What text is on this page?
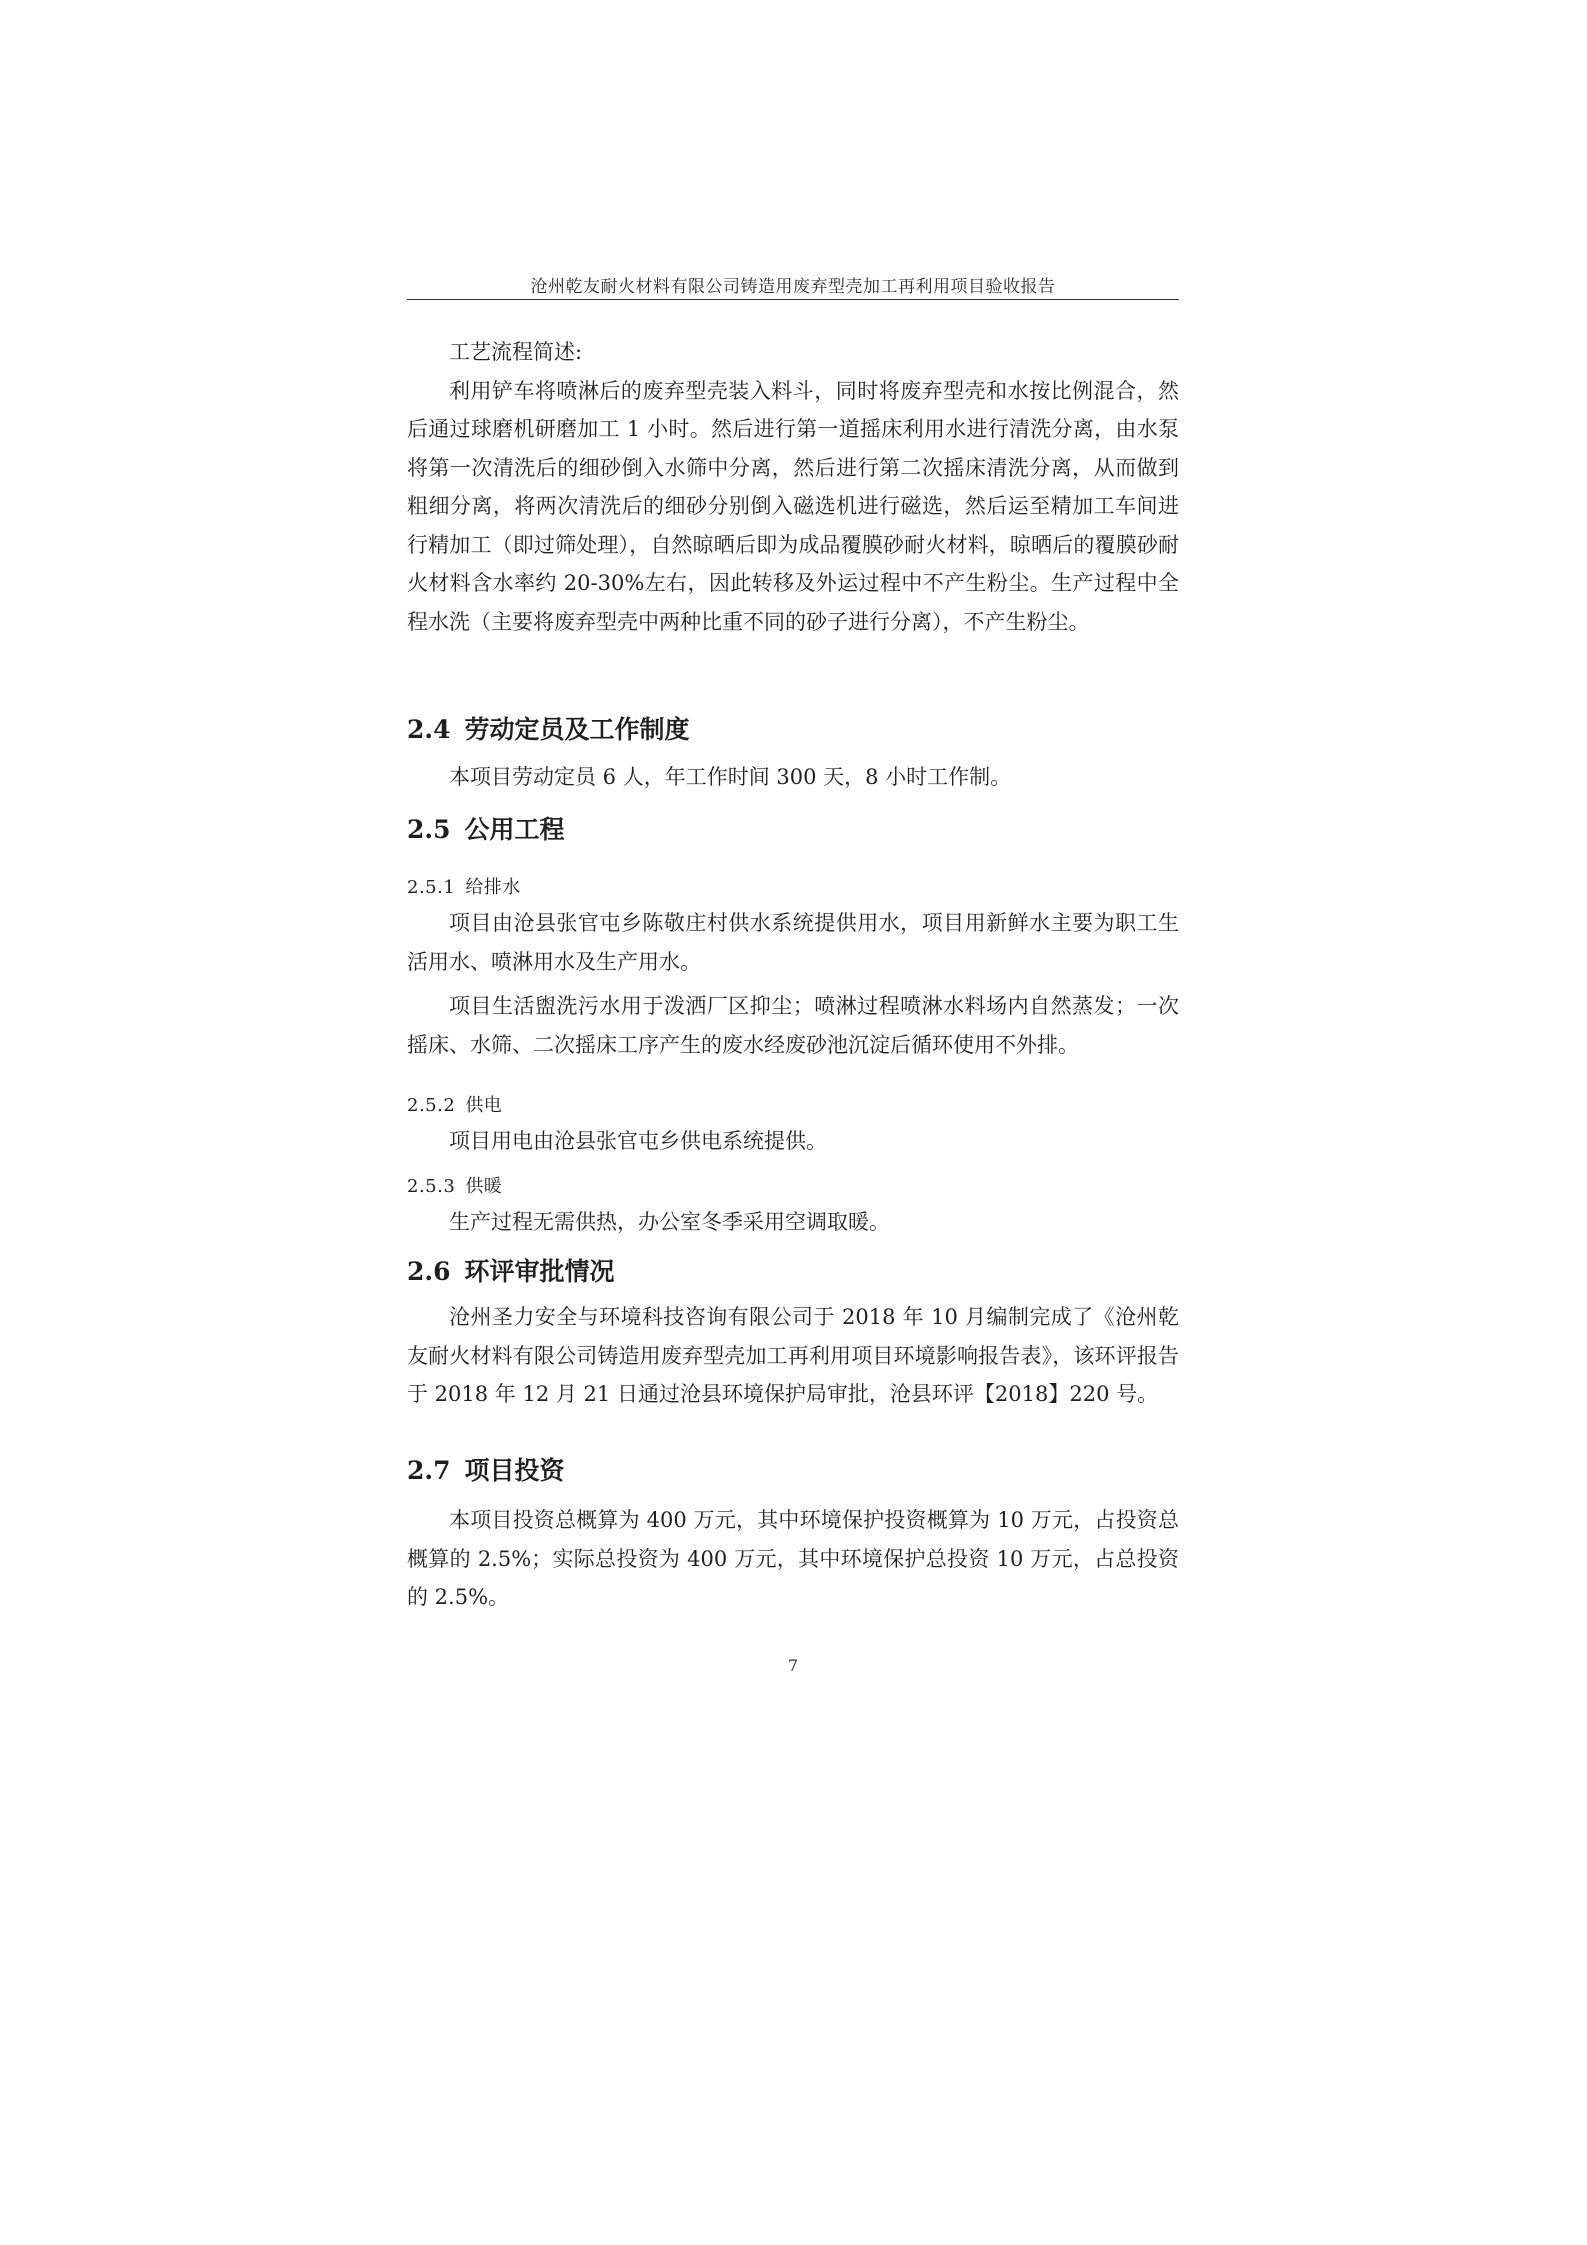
沧州乾友耐火材料有限公司铸造用废弃型壳加工再利用项目验收报告

工艺流程简述:

利用铲车将喷淋后的废弃型壳装入料斗，同时将废弃型壳和水按比例混合，然后通过球磨机研磨加工 1 小时。然后进行第一道摇床利用水进行清洗分离，由水泵将第一次清洗后的细砂倒入水筛中分离，然后进行第二次摇床清洗分离，从而做到粗细分离，将两次清洗后的细砂分别倒入磁选机进行磁选，然后运至精加工车间进行精加工（即过筛处理），自然晾晒后即为成品覆膜砂耐火材料，晾晒后的覆膜砂耐火材料含水率约 20-30%左右，因此转移及外运过程中不产生粉尘。生产过程中全程水洗（主要将废弃型壳中两种比重不同的砂子进行分离），不产生粉尘。

2.4 劳动定员及工作制度

本项目劳动定员 6 人，年工作时间 300 天，8 小时工作制。

2.5 公用工程

2.5.1 给排水

项目由沧县张官屯乡陈敬庄村供水系统提供用水，项目用新鲜水主要为职工生活用水、喷淋用水及生产用水。

项目生活盥洗污水用于泼洒厂区抑尘；喷淋过程喷淋水料场内自然蒸发；一次摇床、水筛、二次摇床工序产生的废水经废砂池沉淀后循环使用不外排。

2.5.2 供电

项目用电由沧县张官屯乡供电系统提供。

2.5.3 供暖

生产过程无需供热，办公室冬季采用空调取暖。

2.6 环评审批情况

沧州圣力安全与环境科技咨询有限公司于 2018 年 10 月编制完成了《沧州乾友耐火材料有限公司铸造用废弃型壳加工再利用项目环境影响报告表》，该环评报告于 2018 年 12 月 21 日通过沧县环境保护局审批，沧县环评【2018】220 号。

2.7 项目投资

本项目投资总概算为 400 万元，其中环境保护投资概算为 10 万元，占投资总概算的 2.5%；实际总投资为 400 万元，其中环境保护总投资 10 万元，占总投资的 2.5%。

7
